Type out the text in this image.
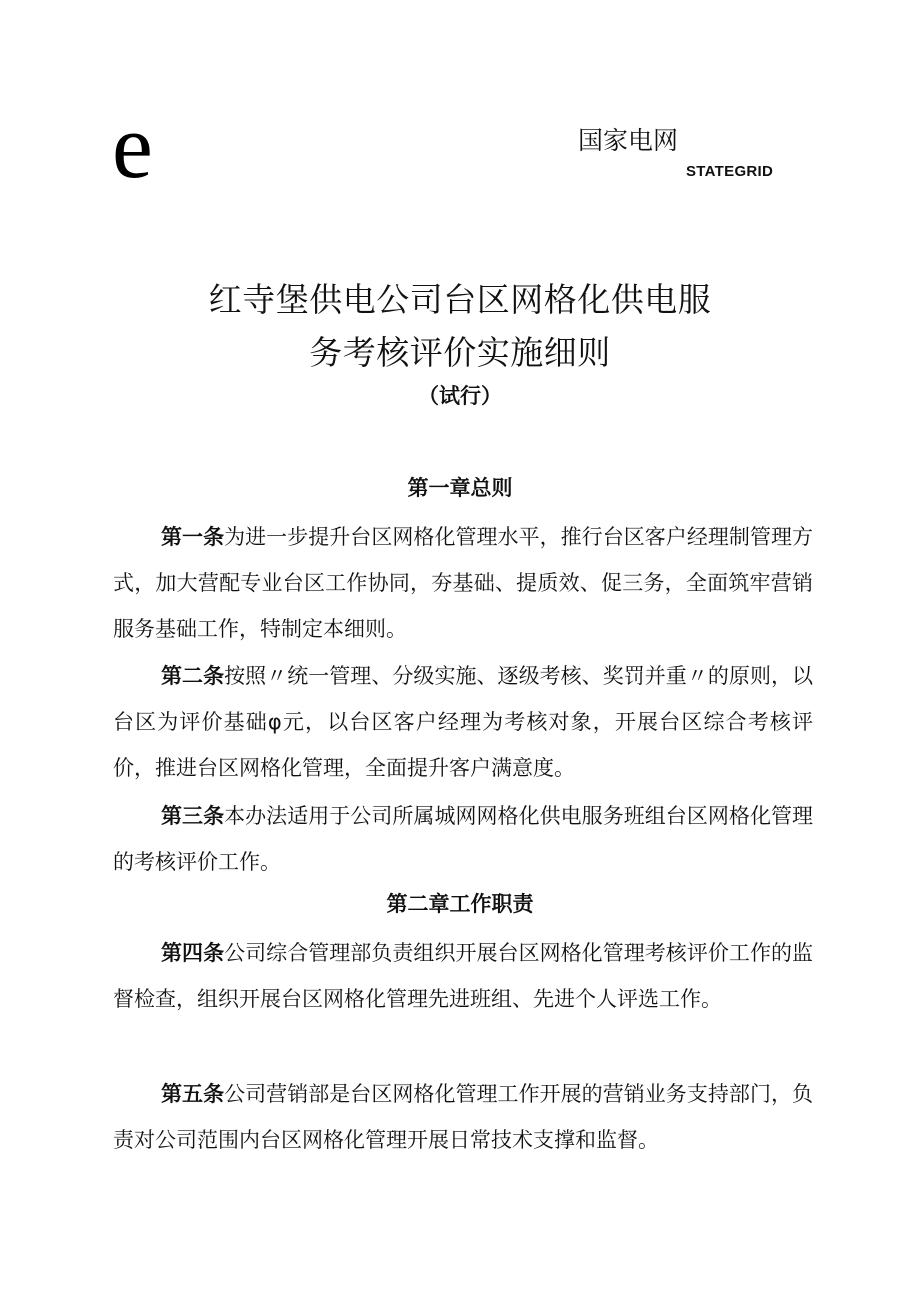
e	国家电网
STATEGRID
红寺堡供电公司台区网格化供电服
务考核评价实施细则
（试行）
第一章总则
第一条为进一步提升台区网格化管理水平，推行台区客户经理制管理方式，加大营配专业台区工作协同，夯基础、提质效、促三务，全面筑牢营销服务基础工作，特制定本细则。
第二条按照〃统一管理、分级实施、逐级考核、奖罚并重〃的原则，以台区为评价基础φ元，以台区客户经理为考核对象，开展台区综合考核评价，推进台区网格化管理，全面提升客户满意度。
第三条本办法适用于公司所属城网网格化供电服务班组台区网格化管理的考核评价工作。
第二章工作职责
第四条公司综合管理部负责组织开展台区网格化管理考核评价工作的监督检查，组织开展台区网格化管理先进班组、先进个人评选工作。
第五条公司营销部是台区网格化管理工作开展的营销业务支持部门，负责对公司范围内台区网格化管理开展日常技术支撑和监督。
